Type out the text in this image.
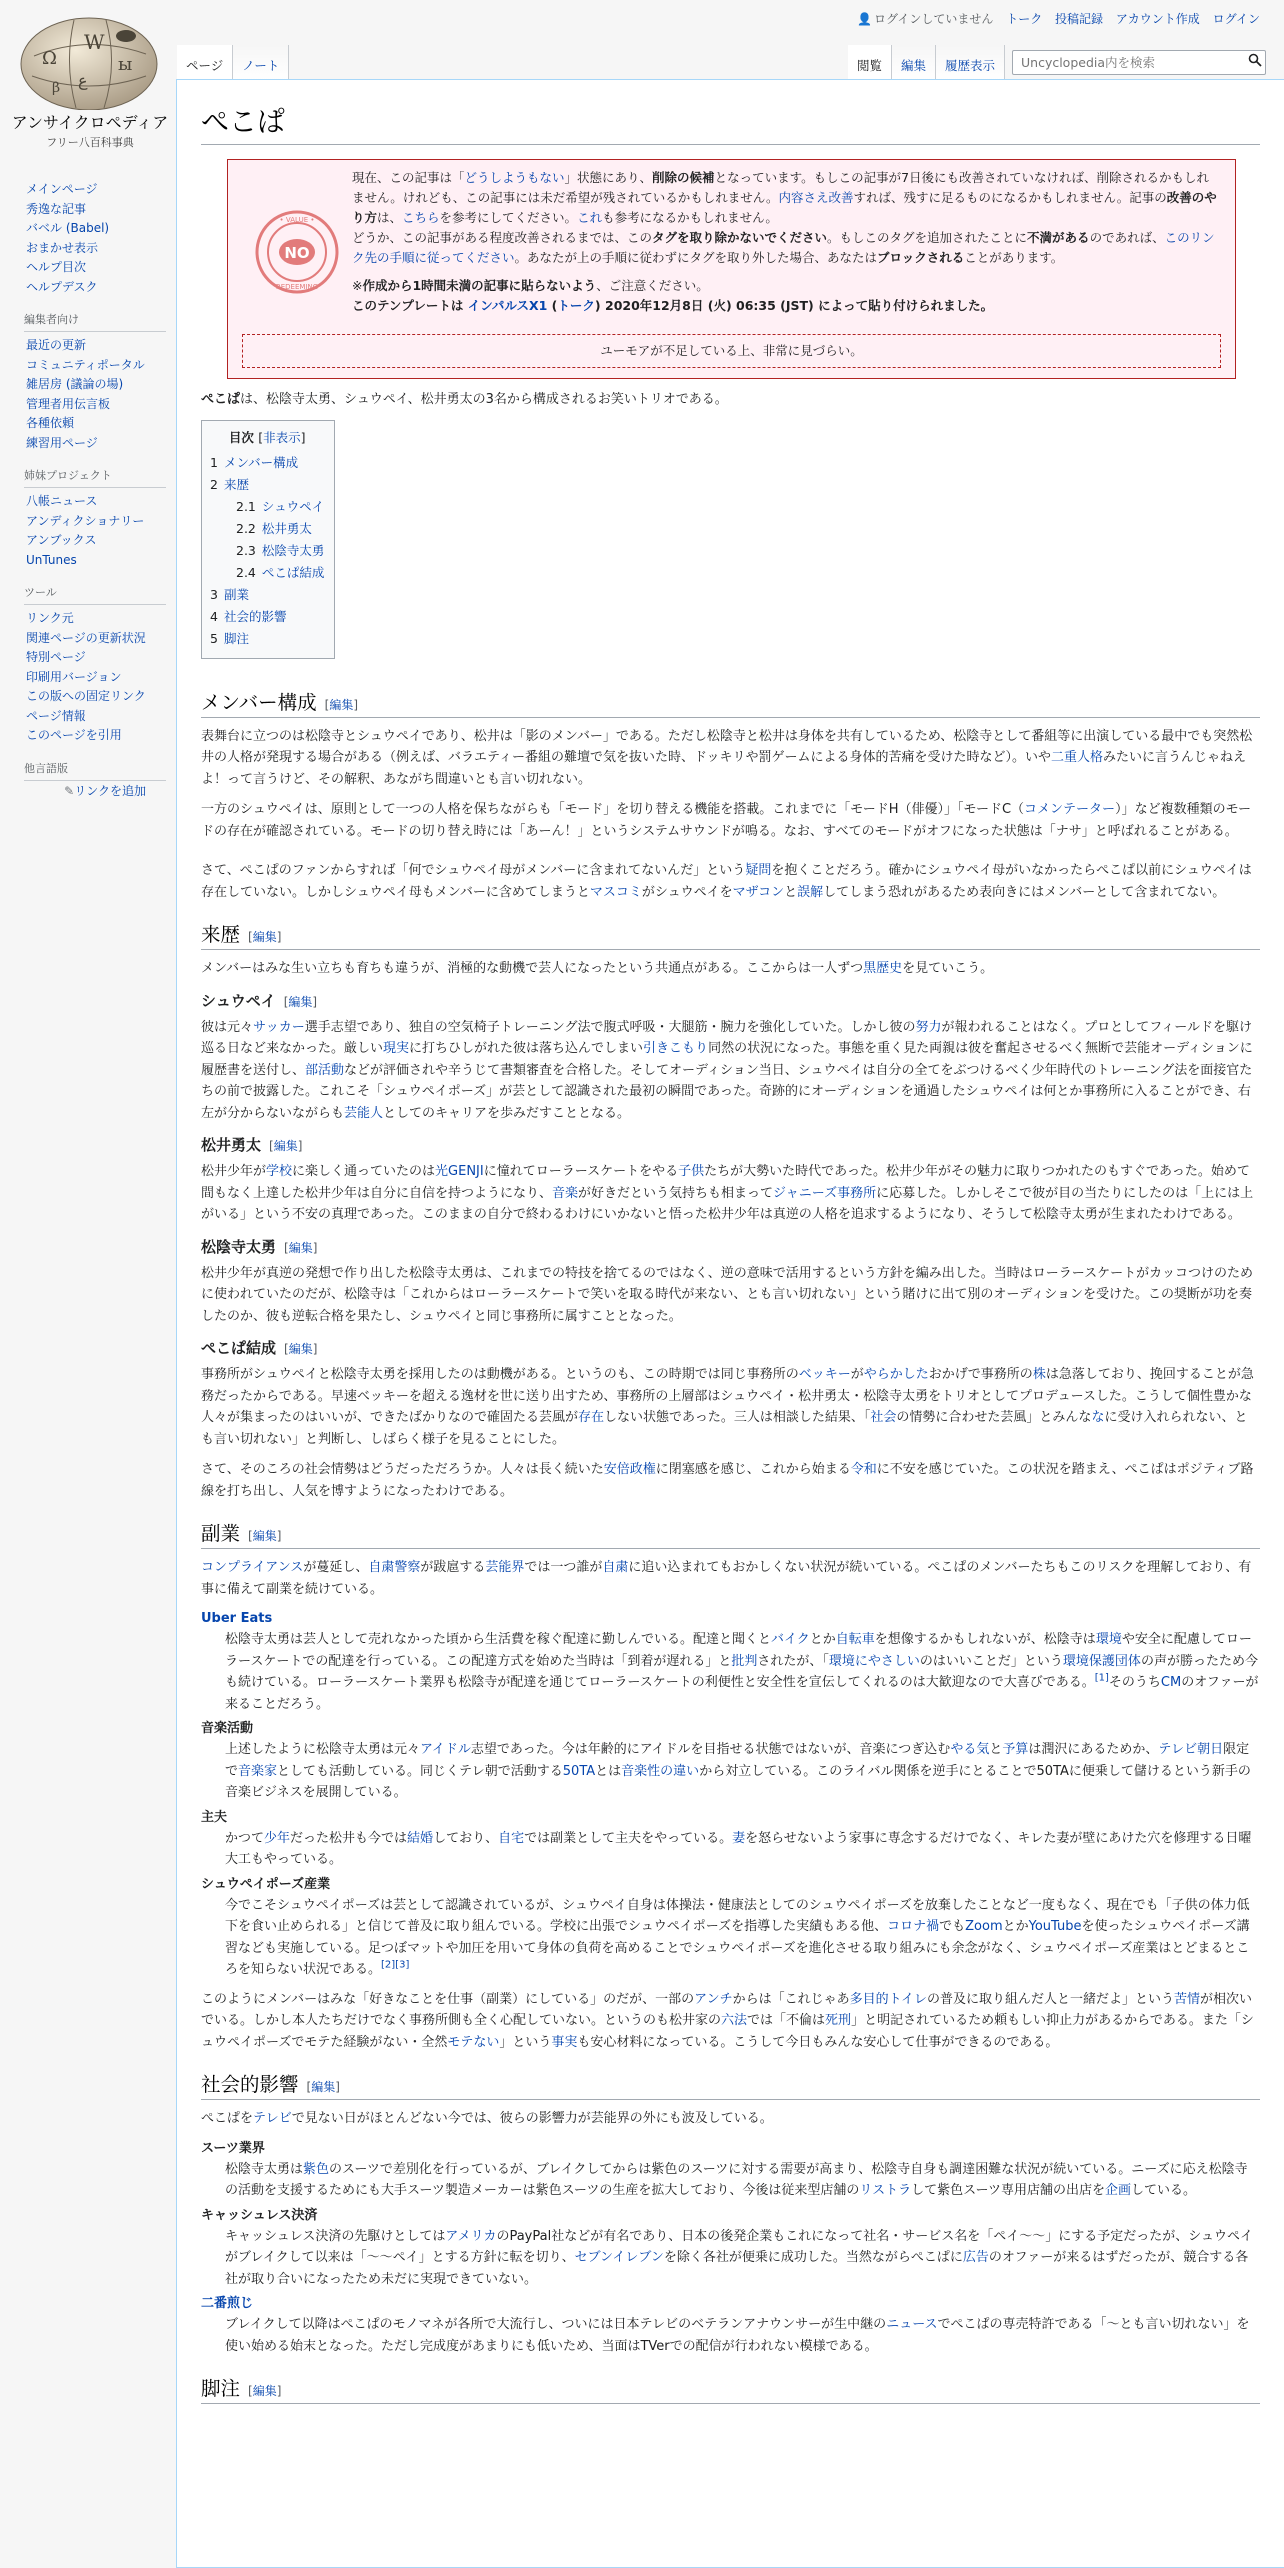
Ω
W
ы
ع
β
アンサイクロペディア
フリー八百科事典
👤 ログインしていません トーク 投稿記録 アカウント作成 ログイン
ページ	ノート	閲覧	編集	履歴表示
Uncyclopedia内を検索
メインページ
秀逸な記事
バベル (Babel)
おまかせ表示
ヘルプ目次
ヘルプデスク
編集者向け
最近の更新
コミュニティポータル
雑居房 (議論の場)
管理者用伝言板
各種依頼
練習用ページ
姉妹プロジェクト
八帳ニュース
アンディクショナリー
アンブックス
UnTunes
ツール
リンク元
関連ページの更新状況
特別ページ
印刷用バージョン
この版への固定リンク
ページ情報
このページを引用
他言語版
✎リンクを追加
ぺこぱ
NO
• VALUE •
REDEEMING
現在、この記事は「どうしようもない」状態にあり、削除の候補となっています。もしこの記事が7日後にも改善されていなければ、削除されるかもしれません。けれども、この記事には未だ希望が残されているかもしれません。内容さえ改善すれば、残すに足るものになるかもしれません。記事の改善のやり方は、こちらを参考にしてください。これも参考になるかもしれません。
どうか、この記事がある程度改善されるまでは、このタグを取り除かないでください。もしこのタグを追加されたことに不満があるのであれば、このリンク先の手順に従ってください。あなたが上の手順に従わずにタグを取り外した場合、あなたはブロックされることがあります。
※作成から1時間未満の記事に貼らないよう、ご注意ください。
このテンプレートは インパルスX1 (トーク) 2020年12月8日 (火) 06:35 (JST) によって貼り付けられました。
ユーモアが不足している上、非常に見づらい。

ぺこぱは、松陰寺太勇、シュウペイ、松井勇太の3名から構成されるお笑いトリオである。

目次 [非表示]
1 メンバー構成
2 来歴
2.1 シュウペイ
2.2 松井勇太
2.3 松陰寺太勇
2.4 ぺこぱ結成
3 副業
4 社会的影響
5 脚注
メンバー構成 [編集]

表舞台に立つのは松陰寺とシュウペイであり、松井は「影のメンバー」である。ただし松陰寺と松井は身体を共有しているため、松陰寺として番組等に出演している最中でも突然松井の人格が発現する場合がある（例えば、バラエティー番組の難壇で気を抜いた時、ドッキリや罰ゲームによる身体的苦痛を受けた時など）。いや二重人格みたいに言うんじゃねえよ！って言うけど、その解釈、あながち間違いとも言い切れない。

一方のシュウペイは、原則として一つの人格を保ちながらも「モード」を切り替える機能を搭載。これまでに「モードH（俳優）」「モードC（コメンテーター）」など複数種類のモードの存在が確認されている。モードの切り替え時には「あーん！」というシステムサウンドが鳴る。なお、すべてのモードがオフになった状態は「ナサ」と呼ばれることがある。

さて、ぺこぱのファンからすれば「何でシュウペイ母がメンバーに含まれてないんだ」という疑問を抱くことだろう。確かにシュウペイ母がいなかったらぺこぱ以前にシュウペイは存在していない。しかしシュウペイ母もメンバーに含めてしまうとマスコミがシュウペイをマザコンと誤解してしまう恐れがあるため表向きにはメンバーとして含まれてない。

来歴 [編集]

メンバーはみな生い立ちも育ちも違うが、消極的な動機で芸人になったという共通点がある。ここからは一人ずつ黒歴史を見ていこう。

シュウペイ [編集]

彼は元々サッカー選手志望であり、独自の空気椅子トレーニング法で腹式呼吸・大腿筋・腕力を強化していた。しかし彼の努力が報われることはなく。プロとしてフィールドを駆け巡る日など来なかった。厳しい現実に打ちひしがれた彼は落ち込んでしまい引きこもり同然の状況になった。事態を重く見た両親は彼を奮起させるべく無断で芸能オーディションに履歴書を送付し、部活動などが評価されや辛うじて書類審査を合格した。そしてオーディション当日、シュウペイは自分の全てをぶつけるべく少年時代のトレーニング法を面接官たちの前で披露した。これこそ「シュウペイポーズ」が芸として認識された最初の瞬間であった。奇跡的にオーディションを通過したシュウペイは何とか事務所に入ることができ、右左が分からないながらも芸能人としてのキャリアを歩みだすこととなる。

松井勇太 [編集]

松井少年が学校に楽しく通っていたのは光GENJIに憧れてローラースケートをやる子供たちが大勢いた時代であった。松井少年がその魅力に取りつかれたのもすぐであった。始めて間もなく上達した松井少年は自分に自信を持つようになり、音楽が好きだという気持ちも相まってジャニーズ事務所に応募した。しかしそこで彼が目の当たりにしたのは「上には上がいる」という不安の真理であった。このままの自分で終わるわけにいかないと悟った松井少年は真逆の人格を追求するようになり、そうして松陰寺太勇が生まれたわけである。

松陰寺太勇 [編集]

松井少年が真逆の発想で作り出した松陰寺太勇は、これまでの特技を捨てるのではなく、逆の意味で活用するという方針を編み出した。当時はローラースケートがカッコつけのために使われていたのだが、松陰寺は「これからはローラースケートで笑いを取る時代が来ない、とも言い切れない」という賭けに出て別のオーディションを受けた。この奨断が功を奏したのか、彼も逆転合格を果たし、シュウペイと同じ事務所に属すこととなった。

ぺこぱ結成 [編集]

事務所がシュウペイと松陰寺太勇を採用したのは動機がある。というのも、この時期では同じ事務所のベッキーがやらかしたおかげで事務所の株は急落しており、挽回することが急務だったからである。早速ベッキーを超える逸材を世に送り出すため、事務所の上層部はシュウペイ・松井勇太・松陰寺太勇をトリオとしてプロデュースした。こうして個性豊かな人々が集まったのはいいが、できたばかりなので確固たる芸風が存在しない状態であった。三人は相談した結果、「社会の情勢に合わせた芸風」とみんななに受け入れられない、とも言い切れない」と判断し、しばらく様子を見ることにした。

さて、そのころの社会情勢はどうだっただろうか。人々は長く続いた安倍政権に閉塞感を感じ、これから始まる令和に不安を感じていた。この状況を踏まえ、ぺこぱはポジティブ路線を打ち出し、人気を博すようになったわけである。

副業 [編集]

コンプライアンスが蔓延し、自粛警察が跋扈する芸能界では一つ誰が自粛に追い込まれてもおかしくない状況が続いている。ぺこぱのメンバーたちもこのリスクを理解しており、有事に備えて副業を続けている。

Uber Eats
松陰寺太勇は芸人として売れなかった頃から生活費を稼ぐ配達に勤しんでいる。配達と聞くとバイクとか自転車を想像するかもしれないが、松陰寺は環境や安全に配慮してローラースケートでの配達を行っている。この配達方式を始めた当時は「到着が遅れる」と批判されたが、「環境にやさしいのはいいことだ」という環境保護団体の声が勝ったため今も続けている。ローラースケート業界も松陰寺が配達を通じてローラースケートの利便性と安全性を宣伝してくれるのは大歓迎なので大喜びである。[1]そのうちCMのオファーが来ることだろう。
音楽活動
上述したように松陰寺太勇は元々アイドル志望であった。今は年齢的にアイドルを目指せる状態ではないが、音楽につぎ込むやる気と予算は潤沢にあるためか、テレビ朝日限定で音楽家としても活動している。同じくテレ朝で活動する50TAとは音楽性の違いから対立している。このライバル関係を逆手にとることで50TAに便乗して儲けるという新手の音楽ビジネスを展開している。
主夫
かつて少年だった松井も今では結婚しており、自宅では副業として主夫をやっている。妻を怒らせないよう家事に専念するだけでなく、キレた妻が壁にあけた穴を修理する日曜大工もやっている。
シュウペイポーズ産業
今でこそシュウペイポーズは芸として認識されているが、シュウペイ自身は体操法・健康法としてのシュウペイポーズを放棄したことなど一度もなく、現在でも「子供の体力低下を食い止められる」と信じて普及に取り組んでいる。学校に出張でシュウペイポーズを指導した実績もある他、コロナ禍でもZoomとかYouTubeを使ったシュウペイポーズ講習なども実施している。足つぼマットや加圧を用いて身体の負荷を高めることでシュウペイポーズを進化させる取り組みにも余念がなく、シュウペイポーズ産業はとどまるところを知らない状況である。[2][3]

このようにメンバーはみな「好きなことを仕事（副業）にしている」のだが、一部のアンチからは「これじゃあ多目的トイレの普及に取り組んだ人と一緒だよ」という苦情が相次いでいる。しかし本人たちだけでなく事務所側も全く心配していない。というのも松井家の六法では「不倫は死刑」と明記されているため頼もしい抑止力があるからである。また「シュウペイポーズでモテた経験がない・全然モテない」という事実も安心材料になっている。こうして今日もみんな安心して仕事ができるのである。

社会的影響 [編集]

ぺこぱをテレビで見ない日がほとんどない今では、彼らの影響力が芸能界の外にも波及している。

スーツ業界
松陰寺太勇は紫色のスーツで差別化を行っているが、ブレイクしてからは紫色のスーツに対する需要が高まり、松陰寺自身も調達困難な状況が続いている。ニーズに応え松陰寺の活動を支援するためにも大手スーツ製造メーカーは紫色スーツの生産を拡大しており、今後は従来型店舗のリストラして紫色スーツ専用店舗の出店を企画している。
キャッシュレス決済
キャッシュレス決済の先駆けとしてはアメリカのPayPal社などが有名であり、日本の後発企業もこれになって社名・サービス名を「ペイ～～」にする予定だったが、シュウペイがブレイクして以来は「～～ペイ」とする方針に転を切り、セブンイレブンを除く各社が便乗に成功した。当然ながらぺこぱに広告のオファーが来るはずだったが、競合する各社が取り合いになったため未だに実現できていない。
二番煎じ
ブレイクして以降はぺこぱのモノマネが各所で大流行し、ついには日本テレビのベテランアナウンサーが生中継のニュースでぺこぱの専売特許である「～とも言い切れない」を使い始める始末となった。ただし完成度があまりにも低いため、当面はTVerでの配信が行われない模様である。
脚注 [編集]
